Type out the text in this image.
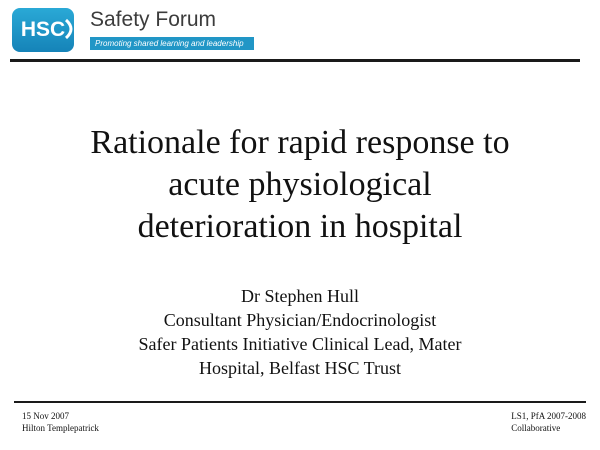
HSC Safety Forum
Promoting shared learning and leadership
Rationale for rapid response to
acute physiological
deterioration in hospital
Dr Stephen Hull
Consultant Physician/Endocrinologist
Safer Patients Initiative Clinical Lead, Mater
Hospital, Belfast HSC Trust
15 Nov 2007
Hilton Templepatrick
LS1, PfA 2007-2008
Collaborative
